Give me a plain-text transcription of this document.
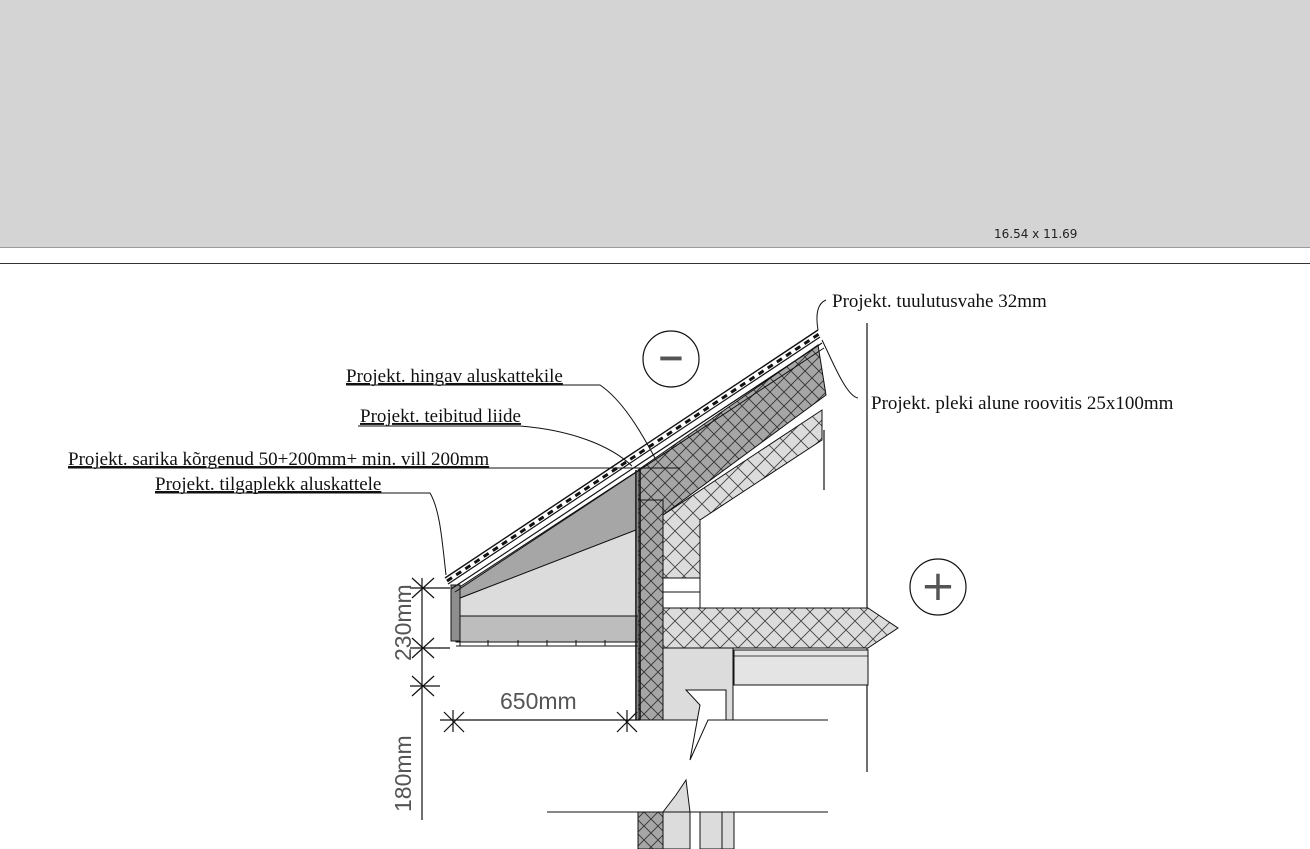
16.54 x 11.69
Projekt. tuulutusvahe 32mm
Projekt. hingav aluskattekile
Projekt. teibitud liide
Projekt. sarika kõrgenud 50+200mm+ min. vill 200mm
Projekt. tilgaplekk aluskattele
Projekt. pleki alune roovitis 25x100mm
−
+
230mm
650mm
180mm
